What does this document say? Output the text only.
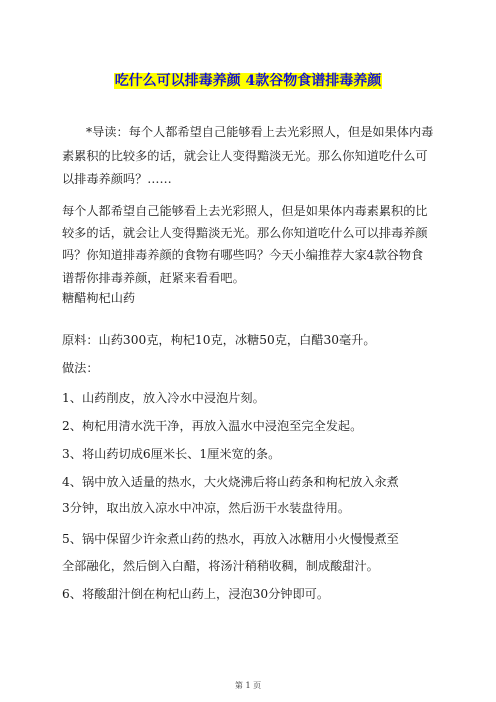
吃什么可以排毒养颜 4款谷物食谱排毒养颜

*导读：每个人都希望自己能够看上去光彩照人，但是如果体内毒素累积的比较多的话，就会让人变得黯淡无光。那么你知道吃什么可以排毒养颜吗？……

每个人都希望自己能够看上去光彩照人，但是如果体内毒素累积的比较多的话，就会让人变得黯淡无光。那么你知道吃什么可以排毒养颜吗？你知道排毒养颜的食物有哪些吗？今天小编推荐大家4款谷物食谱帮你排毒养颜，赶紧来看看吧。

糖醋枸杞山药
原料：山药300克，枸杞10克，冰糖50克，白醋30毫升。
做法：
1、山药削皮，放入冷水中浸泡片刻。
2、枸杞用清水洗干净，再放入温水中浸泡至完全发起。
3、将山药切成6厘米长、1厘米宽的条。
4、锅中放入适量的热水，大火烧沸后将山药条和枸杞放入汆煮
3分钟，取出放入凉水中冲凉，然后沥干水装盘待用。
5、锅中保留少许汆煮山药的热水，再放入冰糖用小火慢慢煮至
全部融化，然后倒入白醋，将汤汁稍稍收稠，制成酸甜汁。
6、将酸甜汁倒在枸杞山药上，浸泡30分钟即可。
第 1 页
